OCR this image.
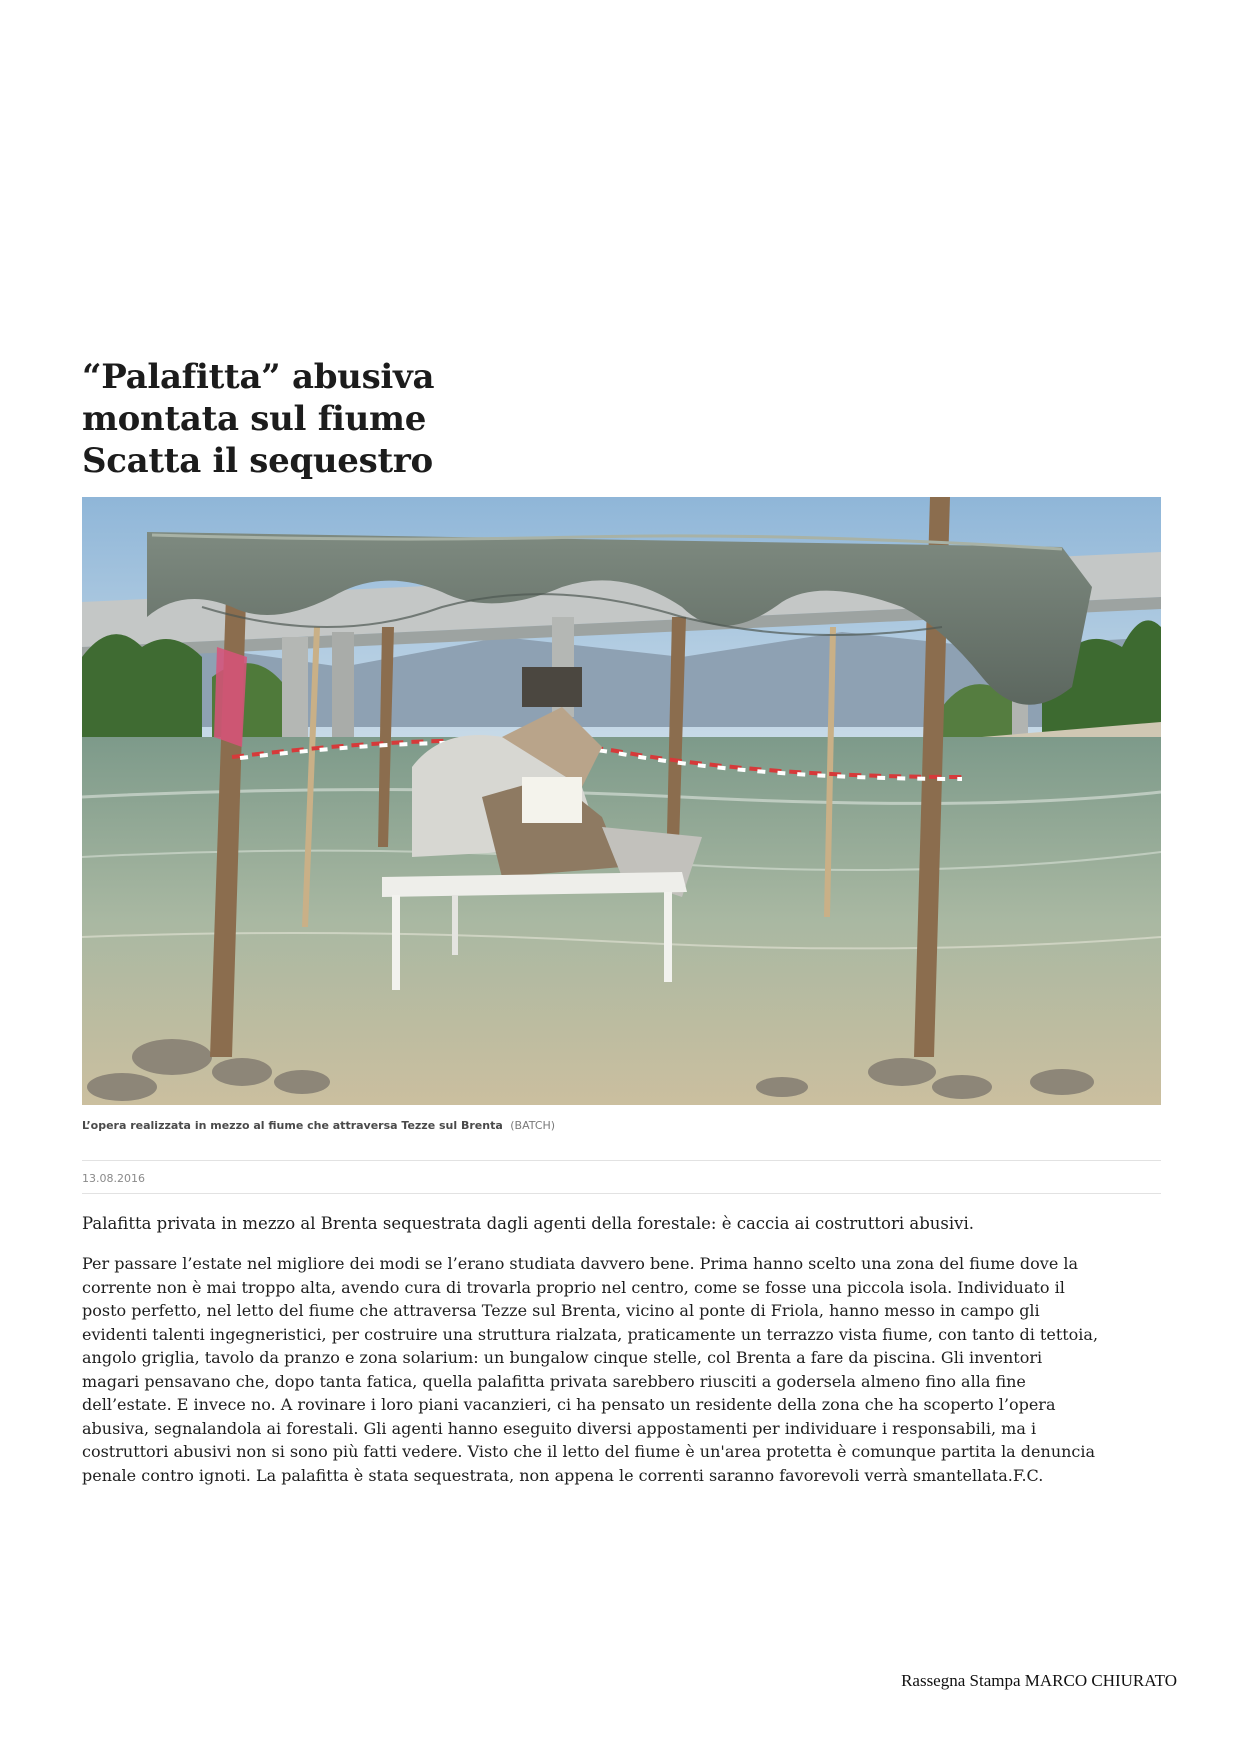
“Palafitta” abusiva
montata sul fiume
Scatta il sequestro
L’opera realizzata in mezzo al fiume che attraversa Tezze sul Brenta (BATCH)
13.08.2016

Palafitta privata in mezzo al Brenta sequestrata dagli agenti della forestale: è caccia ai costruttori abusivi.

Per passare l’estate nel migliore dei modi se l’erano studiata davvero bene. Prima hanno scelto una zona del fiume dove la
corrente non è mai troppo alta, avendo cura di trovarla proprio nel centro, come se fosse una piccola isola. Individuato il
posto perfetto, nel letto del fiume che attraversa Tezze sul Brenta, vicino al ponte di Friola, hanno messo in campo gli
evidenti talenti ingegneristici, per costruire una struttura rialzata, praticamente un terrazzo vista fiume, con tanto di tettoia,
angolo griglia, tavolo da pranzo e zona solarium: un bungalow cinque stelle, col Brenta a fare da piscina. Gli inventori
magari pensavano che, dopo tanta fatica, quella palafitta privata sarebbero riusciti a godersela almeno fino alla fine
dell’estate. E invece no. A rovinare i loro piani vacanzieri, ci ha pensato un residente della zona che ha scoperto l’opera
abusiva, segnalandola ai forestali. Gli agenti hanno eseguito diversi appostamenti per individuare i responsabili, ma i
costruttori abusivi non si sono più fatti vedere. Visto che il letto del fiume è un'area protetta è comunque partita la denuncia
penale contro ignoti. La palafitta è stata sequestrata, non appena le correnti saranno favorevoli verrà smantellata.F.C.
Rassegna Stampa MARCO CHIURATO
